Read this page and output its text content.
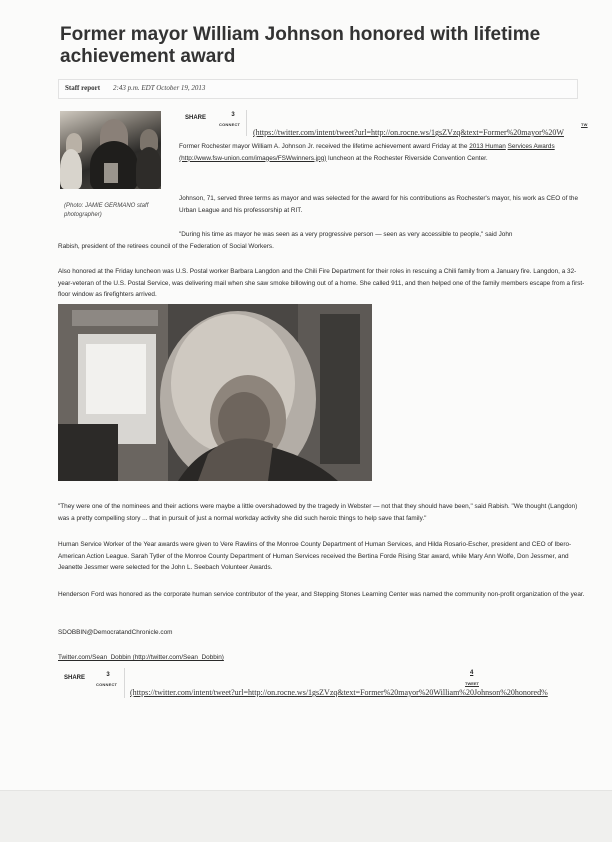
Former mayor William Johnson honored with lifetime achievement award
Staff report 2:43 p.m. EDT October 19, 2013
(Photo: JAMIE GERMANO staff photographer)
SHARE	3
CONNECT	TW
(https://twitter.com/intent/tweet?url=http://on.rocne.ws/1gsZVzq&text=Former%20mayor%20W

Former Rochester mayor William A. Johnson Jr. received the lifetime achievement award Friday at the 2013 Human Services Awards (http://www.fsw-union.com/images/FSWwinners.jpg) luncheon at the Rochester Riverside Convention Center.

Johnson, 71, served three terms as mayor and was selected for the award for his contributions as Rochester's mayor, his work as CEO of the Urban League and his professorship at RIT.

"During his time as mayor he was seen as a very progressive person — seen as very accessible to people," said John

Rabish, president of the retirees council of the Federation of Social Workers.

Also honored at the Friday luncheon was U.S. Postal worker Barbara Langdon and the Chili Fire Department for their roles in rescuing a Chili family from a January fire. Langdon, a 32-year-veteran of the U.S. Postal Service, was delivering mail when she saw smoke billowing out of a home. She called 911, and then helped one of the family members escape from a first-floor window as firefighters arrived.

"They were one of the nominees and their actions were maybe a little overshadowed by the tragedy in Webster — not that they should have been," said Rabish. "We thought (Langdon) was a pretty compelling story ... that in pursuit of just a normal workday activity she did such heroic things to help save that family."

Human Service Worker of the Year awards were given to Vere Rawlins of the Monroe County Department of Human Services, and Hilda Rosario-Escher, president and CEO of Ibero-American Action League. Sarah Tytler of the Monroe County Department of Human Services received the Bertina Forde Rising Star award, while Mary Ann Wolfe, Don Jessmer, and Jeanette Jessmer were selected for the John L. Seebach Volunteer Awards.

Henderson Ford was honored as the corporate human service contributor of the year, and Stepping Stones Learning Center was named the community non-profit organization of the year.

SDOBBIN@DemocratandChronicle.com

Twitter.com/Sean_Dobbin (http://twitter.com/Sean_Dobbin)

SHARE	3
CONNECT
4
TWEET
(https://twitter.com/intent/tweet?url=http://on.rocne.ws/1gsZVzq&text=Former%20mayor%20William%20Johnson%20honored%
